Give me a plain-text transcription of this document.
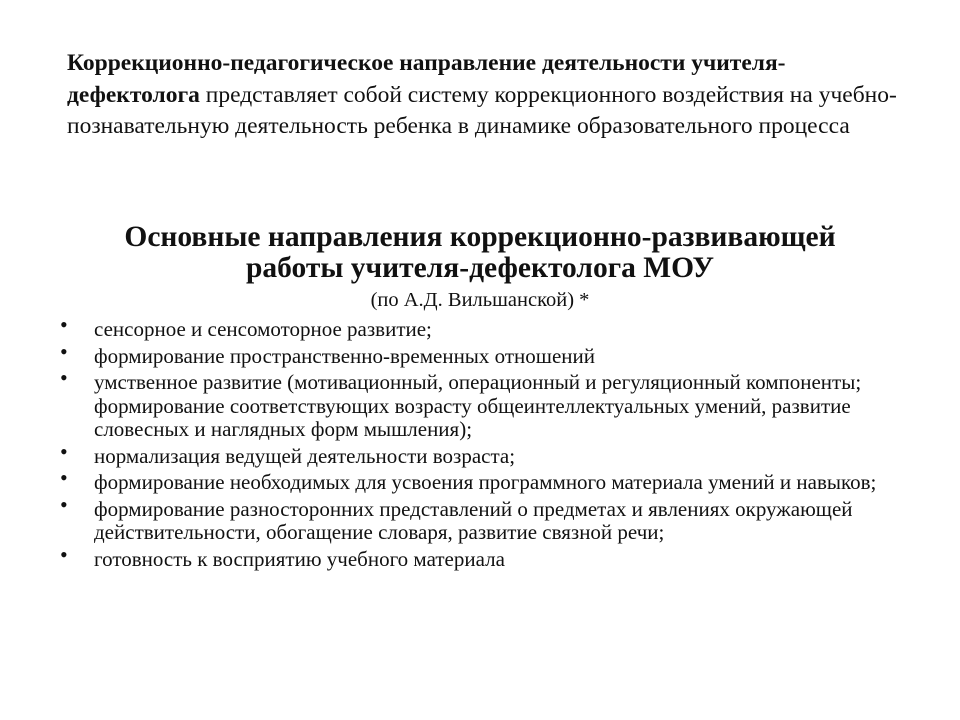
Коррекционно-педагогическое направление деятельности учителя-дефектолога представляет собой систему коррекционного воздействия на учебно-познавательную деятельность ребенка в динамике образовательного процесса
Основные направления коррекционно-развивающей
работы учителя-дефектолога МОУ
(по А.Д. Вильшанской) *
• сенсорное и сенсомоторное развитие;
• формирование пространственно-временных отношений
• умственное развитие (мотивационный, операционный и регуляционный компоненты; формирование соответствующих возрасту общеинтеллектуальных умений, развитие словесных и наглядных форм мышления);
• нормализация ведущей деятельности возраста;
• формирование необходимых для усвоения программного материала умений и навыков;
• формирование разносторонних представлений о предметах и явлениях окружающей действительности, обогащение словаря, развитие связной речи;
• готовность к восприятию учебного материала
